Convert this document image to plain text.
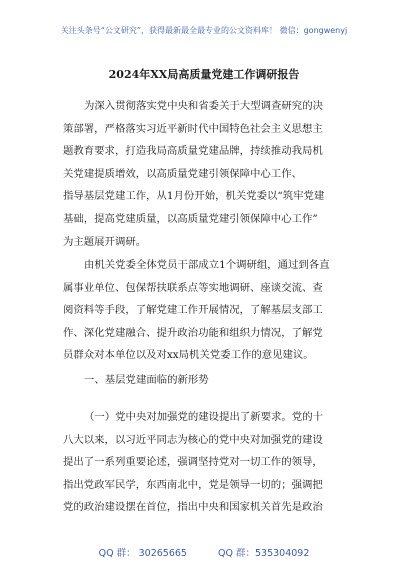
关注头条号“公文研究”，获得最新最全最专业的公文资料库！ 微信：gongwenyj
2024年XX局高质量党建工作调研报告
为深入贯彻落实党中央和省委关于大型调查研究的决
策部署，严格落实习近平新时代中国特色社会主义思想主
题教育要求，打造我局高质量党建品牌，持续推动我局机
关党建提质增效，以高质量党建引领保障中心工作、
指导基层党建工作，从1月份开始，机关党委以“筑牢党建
基础，提高党建质量，以高质量党建引领保障中心工作”
为主题展开调研。
由机关党委全体党员干部成立1个调研组，通过到各直
属事业单位、包保帮扶联系点等实地调研、座谈交流、查
阅资料等手段，了解党建工作开展情况，了解基层支部工
作、深化党建融合、提升政治功能和组织力情况，了解党
员群众对本单位以及对xx局机关党委工作的意见建议。
一、基层党建面临的新形势
（一）党中央对加强党的建设提出了新要求。党的十
八大以来，以习近平同志为核心的党中央对加强党的建设
提出了一系列重要论述，强调坚持党对一切工作的领导，
指出党政军民学，东西南北中，党是领导一切的；强调把
党的政治建设摆在首位，指出中央和国家机关首先是政治
QQ 群： 30265665	QQ 群：535304092
